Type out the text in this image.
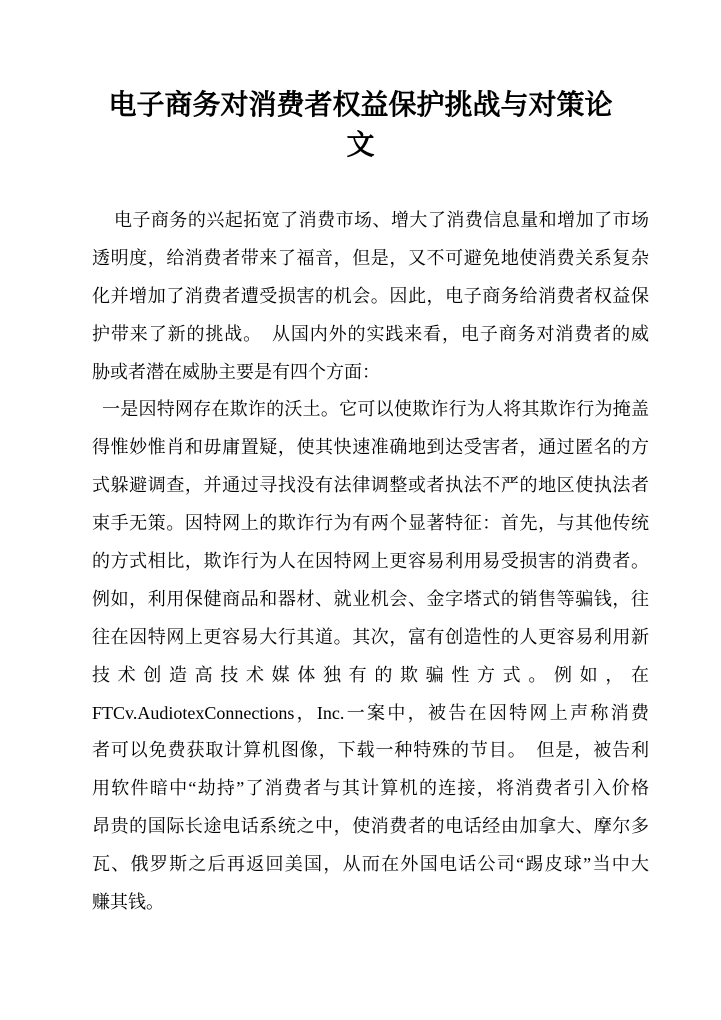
电子商务对消费者权益保护挑战与对策论
文
电子商务的兴起拓宽了消费市场、增大了消费信息量和增加了市场
透明度，给消费者带来了福音，但是，又不可避免地使消费关系复杂
化并增加了消费者遭受损害的机会。因此，电子商务给消费者权益保
护带来了新的挑战。　从国内外的实践来看，电子商务对消费者的威
胁或者潜在威胁主要是有四个方面：
一是因特网存在欺诈的沃土。它可以使欺诈行为人将其欺诈行为掩盖
得惟妙惟肖和毋庸置疑，使其快速准确地到达受害者，通过匿名的方
式躲避调查，并通过寻找没有法律调整或者执法不严的地区使执法者
束手无策。因特网上的欺诈行为有两个显著特征：首先，与其他传统
的方式相比，欺诈行为人在因特网上更容易利用易受损害的消费者。
例如，利用保健商品和器材、就业机会、金字塔式的销售等骗钱，往
往在因特网上更容易大行其道。其次，富有创造性的人更容易利用新
技术创造高技术媒体独有的欺骗性方式。例如，在
FTCv.AudiotexConnections，Inc.一案中，被告在因特网上声称消费
者可以免费获取计算机图像，下载一种特殊的节目。　但是，被告利
用软件暗中“劫持”了消费者与其计算机的连接，将消费者引入价格
昂贵的国际长途电话系统之中，使消费者的电话经由加拿大、摩尔多
瓦、俄罗斯之后再返回美国，从而在外国电话公司“踢皮球”当中大
赚其钱。
